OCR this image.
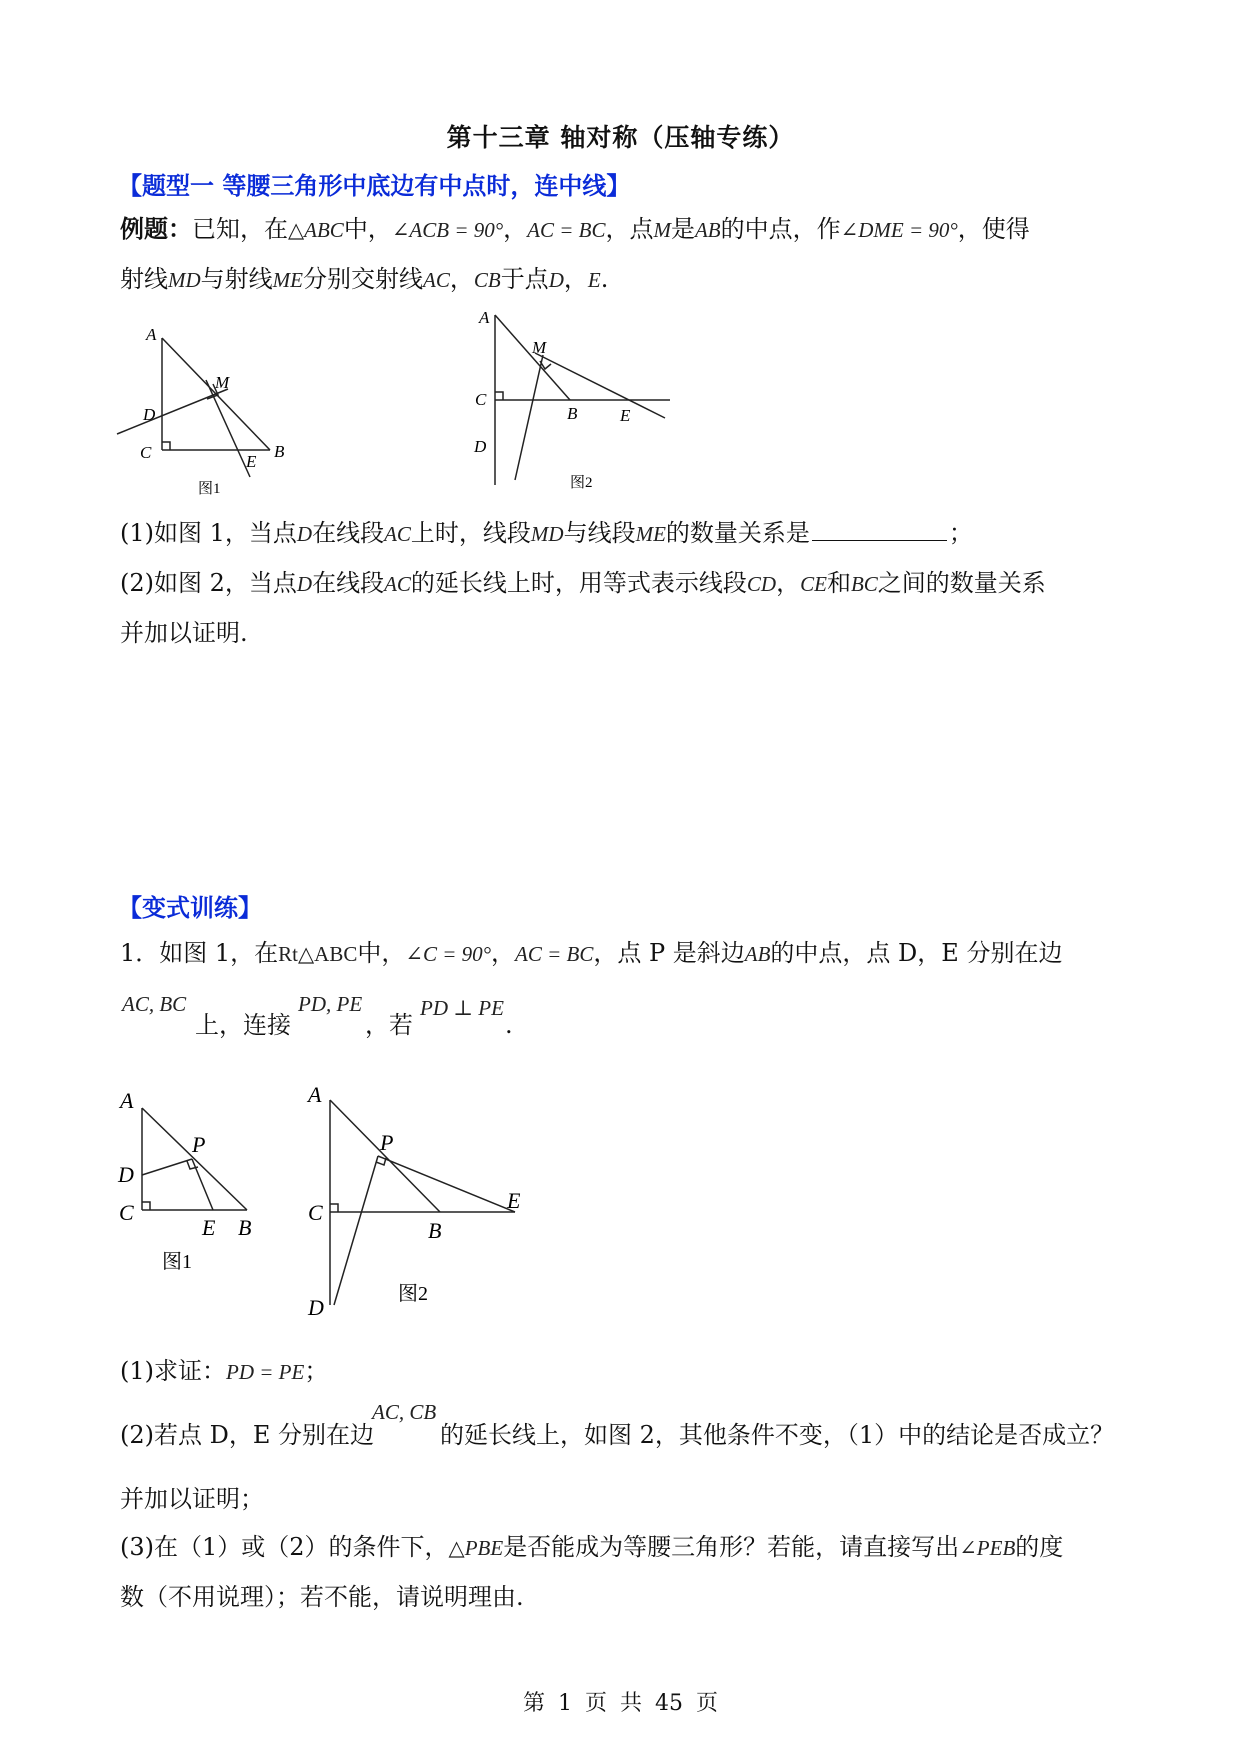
第十三章 轴对称（压轴专练）
【题型一 等腰三角形中底边有中点时，连中线】
例题：已知，在△ABC中，∠ACB = 90°，AC = BC，点M是AB的中点，作∠DME = 90°，使得
射线MD与射线ME分别交射线AC，CB于点D，E.
A
M
D
C	E
B
图1
A
M
C
B	E
D
图2
(1)如图 1，当点D在线段AC上时，线段MD与线段ME的数量关系是	；
(2)如图 2，当点D在线段AC的延长线上时，用等式表示线段CD，CE和BC之间的数量关系
并加以证明.
【变式训练】
1．如图 1，在Rt△ABC中，∠C = 90°，AC = BC，点 P 是斜边AB的中点，点 D，E 分别在边
AC, BC
上，连接
PD, PE
，若
PD ⊥ PE
.
A
P
D
C
E B
图1
A
P
C	E
B
D
图2
(1)求证：PD = PE；
(2)若点 D，E 分别在边
AC, CB
的延长线上，如图 2，其他条件不变，（1）中的结论是否成立？
并加以证明；
(3)在（1）或（2）的条件下，△PBE是否能成为等腰三角形？若能，请直接写出∠PEB的度
数（不用说理）；若不能，请说明理由.
第 1 页 共 45 页
